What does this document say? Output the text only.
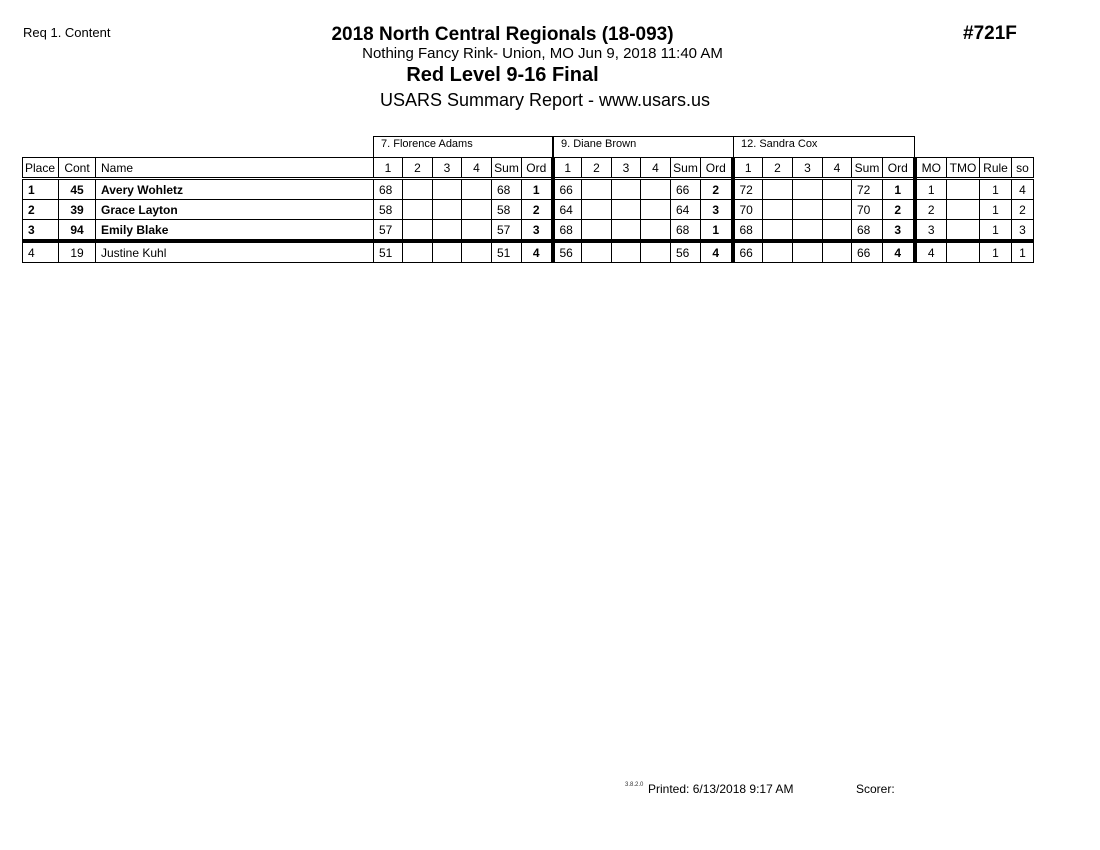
Req 1. Content	2018 North Central Regionals (18-093)
Nothing Fancy Rink- Union, MO Jun 9, 2018 11:40 AM
Red Level 9-16 Final
USARS Summary Report - www.usars.us
#721F
7. Florence Adams	9. Diane Brown	12. Sandra Cox
Place	Cont	Name	1	2	3	4	Sum	Ord	1	2	3	4	Sum	Ord	1	2	3	4	Sum	Ord	MO	TMO	Rule	so
1	45	Avery Wohletz	68				68	1	66				66	2	72				72	1	1		1	4
2	39	Grace Layton	58				58	2	64				64	3	70				70	2	2		1	2
3	94	Emily Blake	57				57	3	68				68	1	68				68	3	3		1	3
4	19	Justine Kuhl	51				51	4	56				56	4	66				66	4	4		1	1
3.8.2.0 Printed: 6/13/2018 9:17 AM	Scorer:
